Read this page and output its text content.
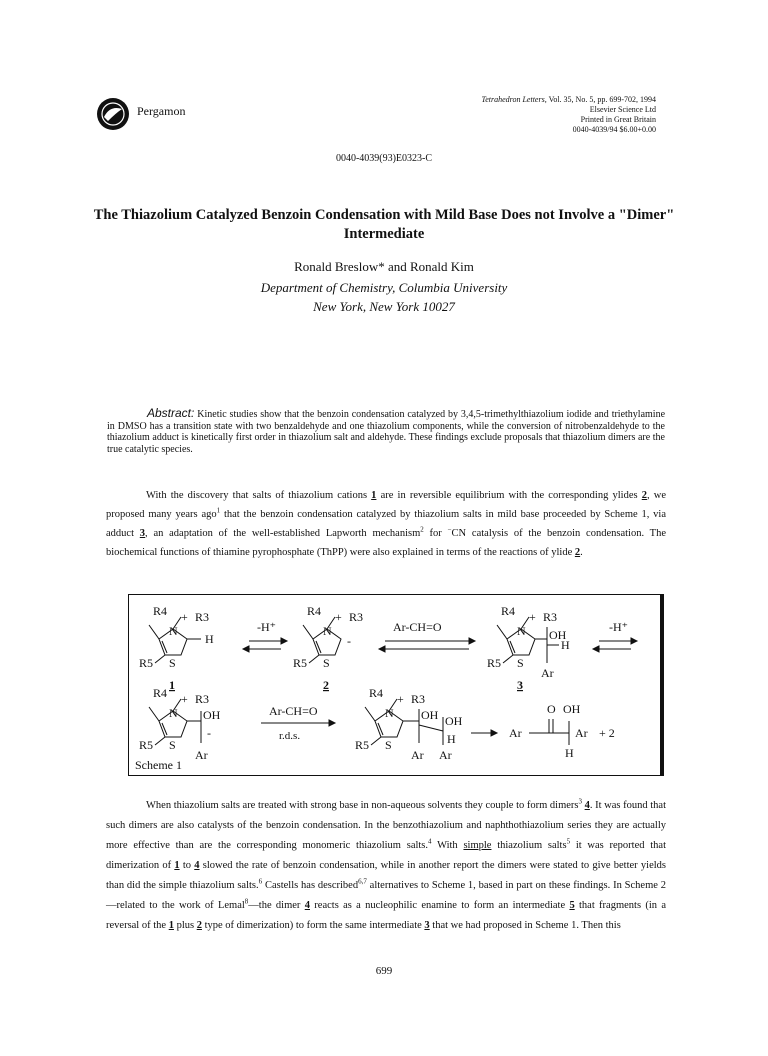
Pergamon
Tetrahedron Letters, Vol. 35, No. 5, pp. 699-702, 1994
Elsevier Science Ltd
Printed in Great Britain
0040-4039/94 $6.00+0.00
0040-4039(93)E0323-C
The Thiazolium Catalyzed Benzoin Condensation with Mild Base Does not Involve a "Dimer" Intermediate
Ronald Breslow* and Ronald Kim
Department of Chemistry, Columbia University
New York, New York 10027
Abstract: Kinetic studies show that the benzoin condensation catalyzed by 3,4,5-trimethylthiazolium iodide and triethylamine in DMSO has a transition state with two benzaldehyde and one thiazolium components, while the conversion of nitrobenzaldehyde to the thiazolium adduct is kinetically first order in thiazolium salt and aldehyde. These findings exclude proposals that thiazolium dimers are the true catalytic species.
With the discovery that salts of thiazolium cations 1 are in reversible equilibrium with the corresponding ylides 2, we proposed many years ago$^1$ that the benzoin condensation catalyzed by thiazolium salts in mild base proceeded by Scheme 1, via adduct 3, an adaptation of the well-established Lapworth mechanism$^2$ for −CN catalysis of the benzoin condensation. The biochemical functions of thiamine pyrophosphate (ThPP) were also explained in terms of the reactions of ylide 2.
R4 + R3
N
R5 S
H
1
-H⁺
R4 + R3
N
R5 S
-
2
Ar-CH=O
R4 + R3
N OH
H
R5 S
Ar
3
-H⁺
R4 + R3
N OH
R5 S
-
Ar
Ar-CH=O
r.d.s.
R4 + R3
N OH OH
H
R5 S
Ar Ar
O OH
Ar	Ar
H
+ 2
Scheme 1
When thiazolium salts are treated with strong base in non-aqueous solvents they couple to form dimers$^3$ 4. It was found that such dimers are also catalysts of the benzoin condensation. In the benzothiazolium and naphthothiazolium series they are actually more effective than are the corresponding monomeric thiazolium salts.$^4$ With simple thiazolium salts$^5$ it was reported that dimerization of 1 to 4 slowed the rate of benzoin condensation, while in another report the dimers were stated to give better yields than did the simple thiazolium salts.$^6$ Castells has described$^{6,7}$ alternatives to Scheme 1, based in part on these findings. In Scheme 2—related to the work of Lemal$^8$—the dimer 4 reacts as a nucleophilic enamine to form an intermediate 5 that fragments (in a reversal of the 1 plus 2 type of dimerization) to form the same intermediate 3 that we had proposed in Scheme 1. Then this
699
